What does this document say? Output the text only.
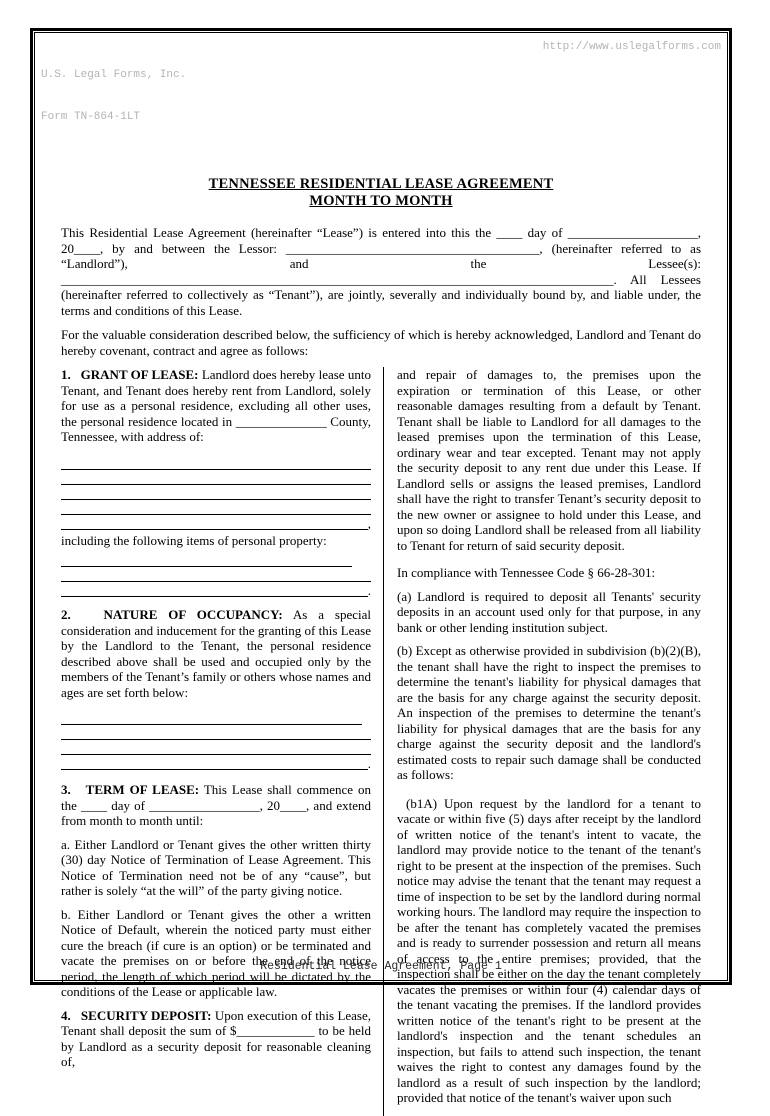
U.S. Legal Forms, Inc.

Form TN-864-1LT

http://www.uslegalforms.com
TENNESSEE RESIDENTIAL LEASE AGREEMENT
MONTH TO MONTH

This Residential Lease Agreement (hereinafter “Lease”) is entered into this the ____ day of ____________________, 20____, by and between the Lessor: _______________________________________, (hereinafter referred to as “Landlord”), and the Lessee(s): _____________________________________________________________________________________. All Lessees (hereinafter referred to collectively as “Tenant”), are jointly, severally and individually bound by, and liable under, the terms and conditions of this Lease.

For the valuable consideration described below, the sufficiency of which is hereby acknowledged, Landlord and Tenant do hereby covenant, contract and agree as follows:

1.   GRANT OF LEASE: Landlord does hereby lease unto Tenant, and Tenant does hereby rent from Landlord, solely for use as a personal residence, excluding all other uses, the personal residence located in ______________ County, Tennessee, with address of:

,
including the following items of personal property:
.

2.   NATURE OF OCCUPANCY: As a special consideration and inducement for the granting of this Lease by the Landlord to the Tenant, the personal residence described above shall be used and occupied only by the members of the Tenant’s family or others whose names and ages are set forth below:

.

3.   TERM OF LEASE: This Lease shall commence on the ____ day of _________________, 20____, and extend from month to month until:

a. Either Landlord or Tenant gives the other written thirty (30) day Notice of Termination of Lease Agreement. This Notice of Termination need not be of any “cause”, but rather is solely “at the will” of the party giving notice.

b. Either Landlord or Tenant gives the other a written Notice of Default, wherein the noticed party must either cure the breach (if cure is an option) or be terminated and vacate the premises on or before the end of the notice period, the length of which period will be dictated by the conditions of the Lease or applicable law.

4.   SECURITY DEPOSIT: Upon execution of this Lease, Tenant shall deposit the sum of $____________ to be held by Landlord as a security deposit for reasonable cleaning of,

and repair of damages to, the premises upon the expiration or termination of this Lease, or other reasonable damages resulting from a default by Tenant. Tenant shall be liable to Landlord for all damages to the leased premises upon the termination of this Lease, ordinary wear and tear excepted. Tenant may not apply the security deposit to any rent due under this Lease. If Landlord sells or assigns the leased premises, Landlord shall have the right to transfer Tenant’s security deposit to the new owner or assignee to hold under this Lease, and upon so doing Landlord shall be released from all liability to Tenant for return of said security deposit.

In compliance with Tennessee Code § 66-28-301:

(a) Landlord is required to deposit all Tenants' security deposits in an account used only for that purpose, in any bank or other lending institution subject.

(b) Except as otherwise provided in subdivision (b)(2)(B), the tenant shall have the right to inspect the premises to determine the tenant's liability for physical damages that are the basis for any charge against the security deposit. An inspection of the premises to determine the tenant's liability for physical damages that are the basis for any charge against the security deposit and the landlord's estimated costs to repair such damage shall be conducted as follows:

(b1A) Upon request by the landlord for a tenant to vacate or within five (5) days after receipt by the landlord of written notice of the tenant's intent to vacate, the landlord may provide notice to the tenant of the tenant's right to be present at the inspection of the premises. Such notice may advise the tenant that the tenant may request a time of inspection to be set by the landlord during normal working hours. The landlord may require the inspection to be after the tenant has completely vacated the premises and is ready to surrender possession and return all means of access to the entire premises; provided, that the inspection shall be either on the day the tenant completely vacates the premises or within four (4) calendar days of the tenant vacating the premises. If the landlord provides written notice of the tenant's right to be present at the landlord's inspection and the tenant schedules an inspection, but fails to attend such inspection, the tenant waives the right to contest any damages found by the landlord as a result of such inspection by the landlord; provided that notice of the tenant's waiver upon such

Residential Lease Agreement, Page 1
